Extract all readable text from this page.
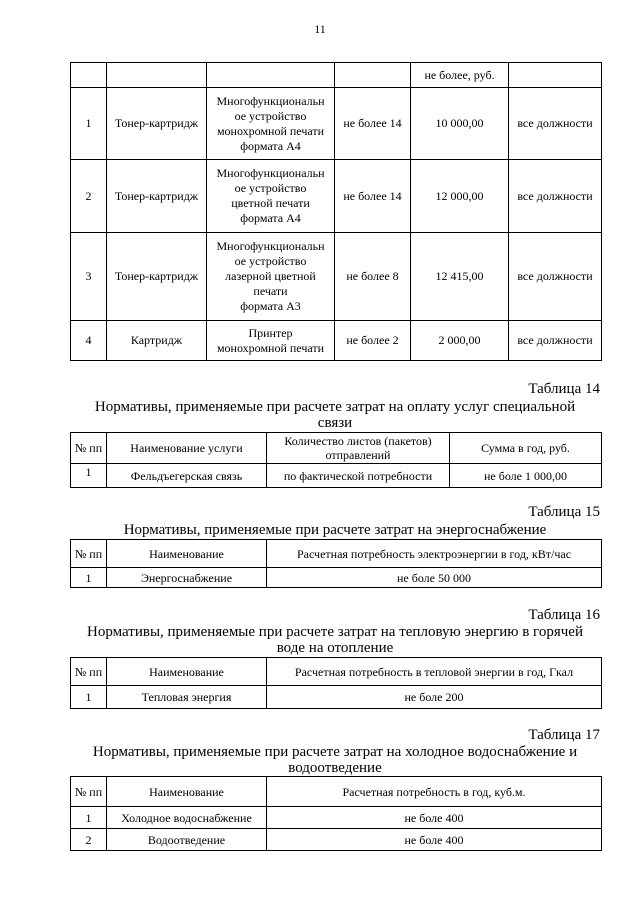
11
				не более, руб.	
1	Тонер-картридж	Многофункциональн
ое устройство
монохромной печати
формата А4	не более 14	10 000,00	все должности
2	Тонер-картридж	Многофункциональн
ое устройство
цветной печати
формата А4	не более 14	12 000,00	все должности
3	Тонер-картридж	Многофункциональн
ое устройство
лазерной цветной
печати
формата А3	не более 8	12 415,00	все должности
4	Картридж	Принтер
монохромной печати	не более 2	2 000,00	все должности
Таблица 14
Нормативы, применяемые при расчете затрат на оплату услуг специальной
связи
№ пп	Наименование услуги	Количество листов (пакетов) отправлений	Сумма в год, руб.
1	Фельдъегерская связь	по фактической потребности	не боле 1 000,00
Таблица 15
Нормативы, применяемые при расчете затрат на энергоснабжение
№ пп	Наименование	Расчетная потребность электроэнергии в год, кВт/час
1	Энергоснабжение	не боле 50 000
Таблица 16
Нормативы, применяемые при расчете затрат на тепловую энергию в горячей
воде на отопление
№ пп	Наименование	Расчетная потребность в тепловой энергии в год, Гкал
1	Тепловая энергия	не боле 200
Таблица 17
Нормативы, применяемые при расчете затрат на холодное водоснабжение и
водоотведение
№ пп	Наименование	Расчетная потребность в год, куб.м.
1	Холодное водоснабжение	не боле 400
2	Водоотведение	не боле 400
